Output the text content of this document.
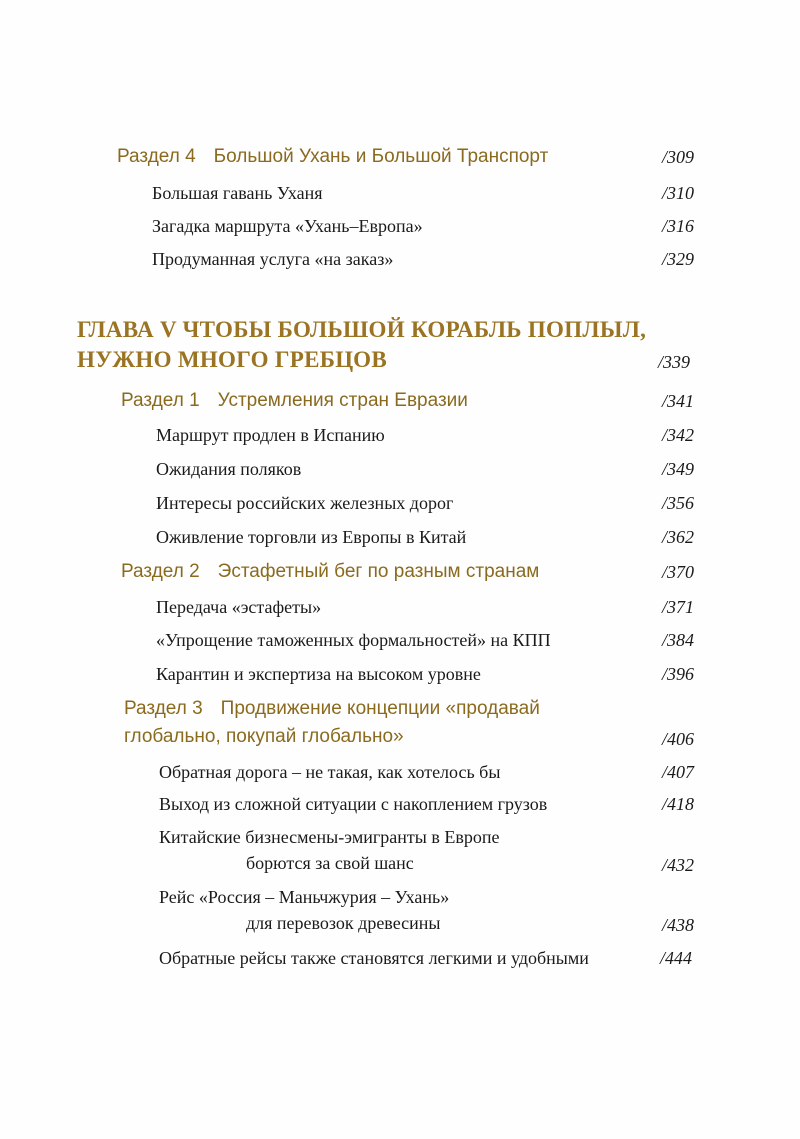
Раздел 4 Большой Ухань и Большой Транспорт	/309
Большая гавань Уханя	/310
Загадка маршрута «Ухань–Европа»	/316
Продуманная услуга «на заказ»	/329
ГЛАВА V ЧТОБЫ БОЛЬШОЙ КОРАБЛЬ ПОПЛЫЛ,
НУЖНО МНОГО ГРЕБЦОВ	/339
Раздел 1 Устремления стран Евразии	/341
Маршрут продлен в Испанию	/342
Ожидания поляков	/349
Интересы российских железных дорог	/356
Оживление торговли из Европы в Китай	/362
Раздел 2 Эстафетный бег по разным странам	/370
Передача «эстафеты»	/371
«Упрощение таможенных формальностей» на КПП	/384
Карантин и экспертиза на высоком уровне	/396
Раздел 3 Продвижение концепции «продавай
глобально, покупай глобально»	/406
Обратная дорога – не такая, как хотелось бы	/407
Выход из сложной ситуации с накоплением грузов	/418
Китайские бизнесмены-эмигранты в Европе
борются за свой шанс	/432
Рейс «Россия – Маньчжурия – Ухань»
для перевозок древесины	/438
Обратные рейсы также становятся легкими и удобными	/444
